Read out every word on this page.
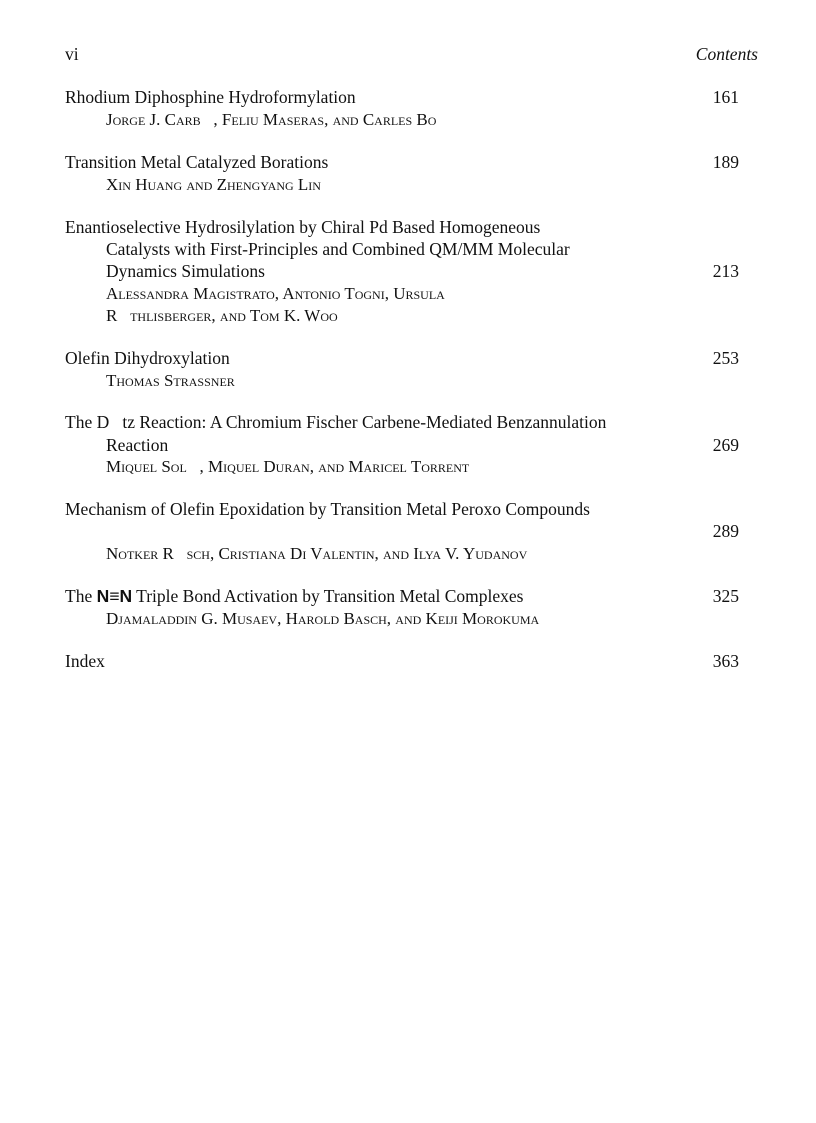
vi	Contents
Rhodium Diphosphine Hydroformylation	161
Jorge J. Carb   , Feliu Maseras, and Carles Bo
Transition Metal Catalyzed Borations	189
Xin Huang and Zhengyang Lin
Enantioselective Hydrosilylation by Chiral Pd Based Homogeneous
Catalysts with First-Principles and Combined QM/MM Molecular
Dynamics Simulations	213
Alessandra Magistrato, Antonio Togni, Ursula
R   thlisberger, and Tom K. Woo
Olefin Dihydroxylation	253
Thomas Strassner
The D   tz Reaction: A Chromium Fischer Carbene-Mediated Benzannulation
Reaction	269
Miquel Sol   , Miquel Duran, and Maricel Torrent
Mechanism of Olefin Epoxidation by Transition Metal Peroxo Compounds
289
Notker R   sch, Cristiana Di Valentin, and Ilya V. Yudanov
The N≡N Triple Bond Activation by Transition Metal Complexes	325
Djamaladdin G. Musaev, Harold Basch, and Keiji Morokuma
Index	363
